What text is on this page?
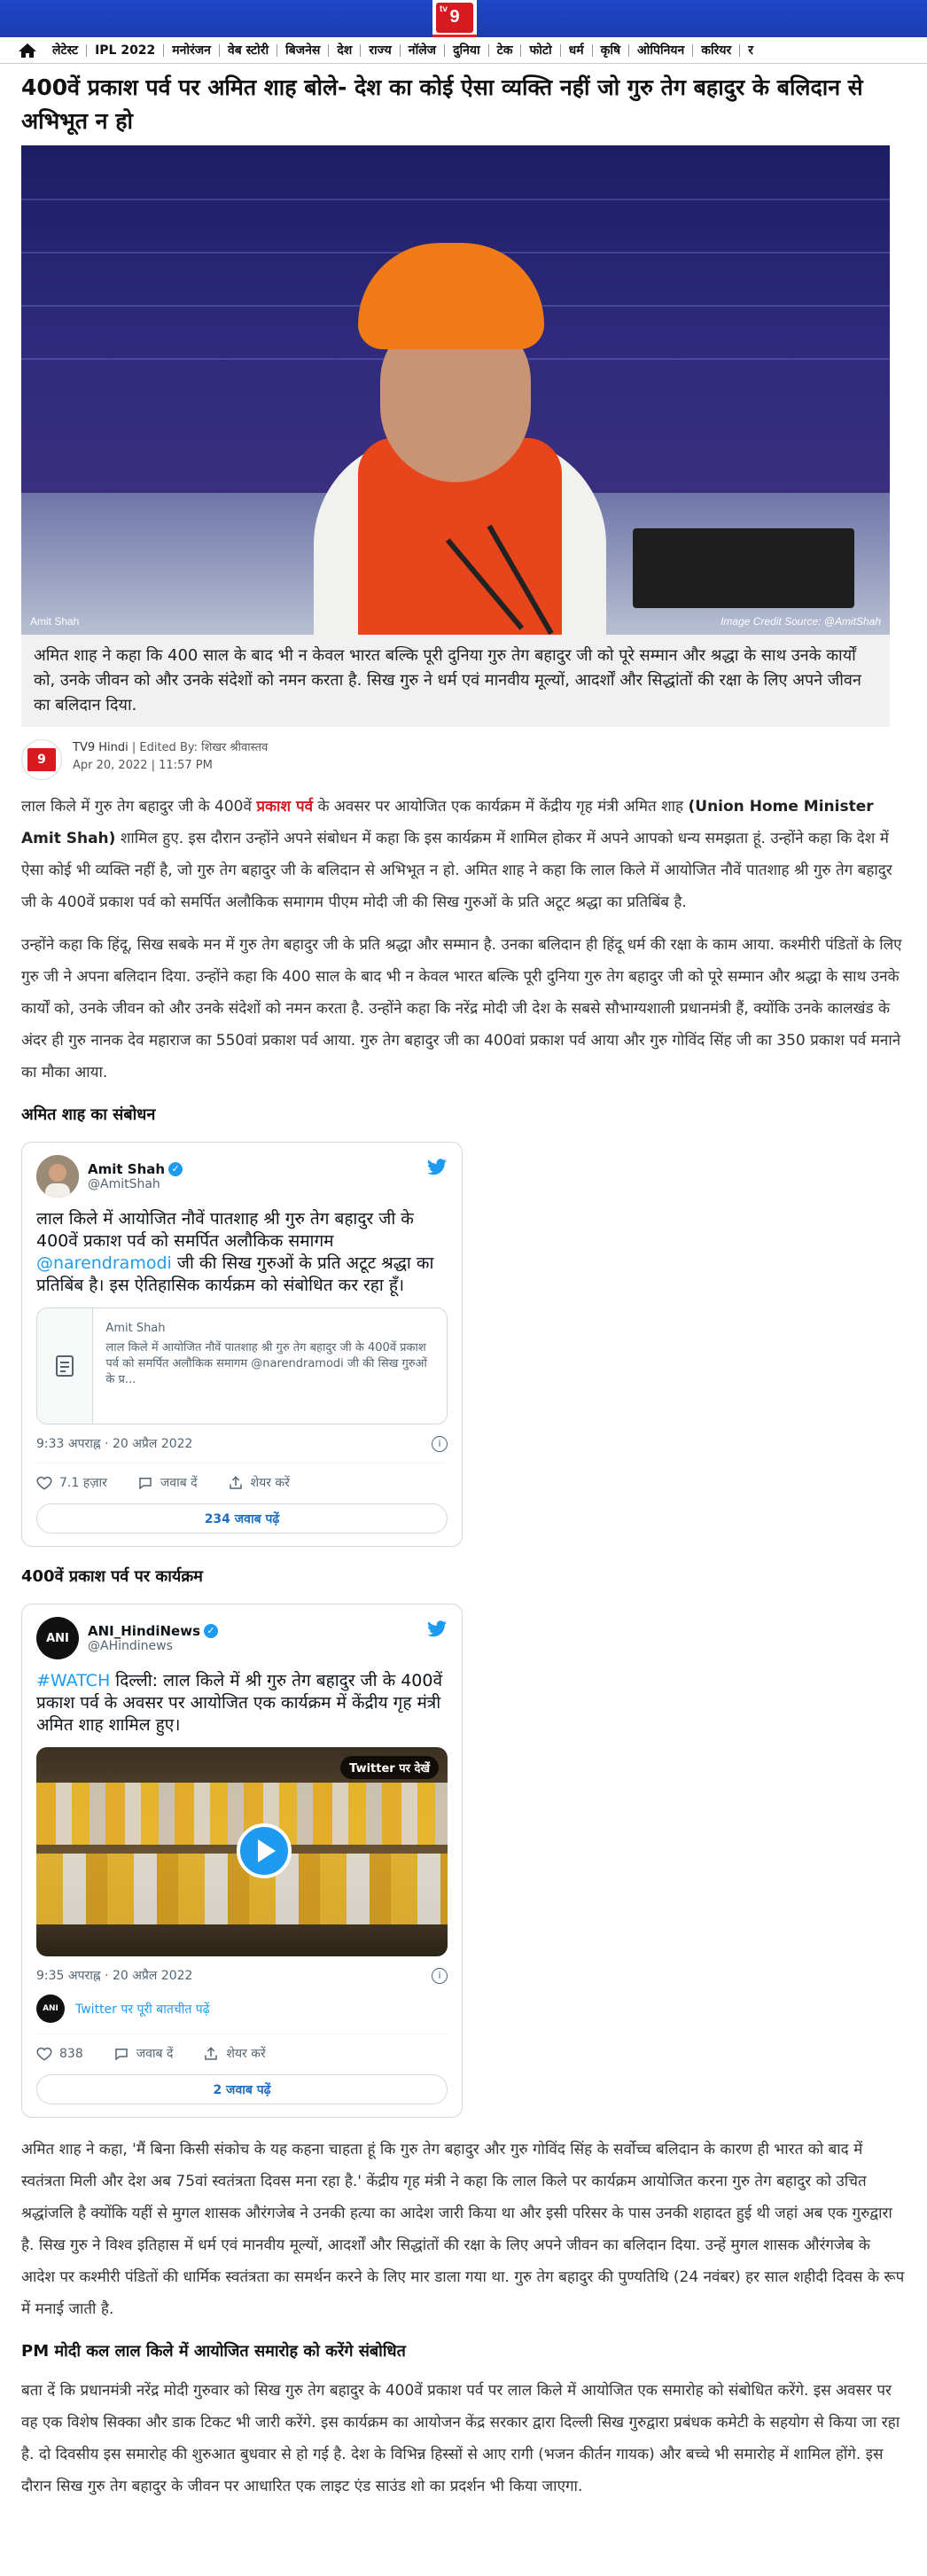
tv 9
लेटेस्ट	IPL 2022	मनोरंजन	वेब स्टोरी	बिजनेस	देश	राज्य	नॉलेज	दुनिया	टेक	फोटो	धर्म	कृषि	ओपिनियन	करियर	र
400वें प्रकाश पर्व पर अमित शाह बोले- देश का कोई ऐसा व्यक्ति नहीं जो गुरु तेग बहादुर के बलिदान से अभिभूत न हो
Amit Shah	Image Credit Source: @AmitShah
अमित शाह ने कहा कि 400 साल के बाद भी न केवल भारत बल्कि पूरी दुनिया गुरु तेग बहादुर जी को पूरे सम्मान और श्रद्धा के साथ उनके कार्यों को, उनके जीवन को और उनके संदेशों को नमन करता है. सिख गुरु ने धर्म एवं मानवीय मूल्यों, आदर्शों और सिद्धांतों की रक्षा के लिए अपने जीवन का बलिदान दिया.
9
TV9 Hindi | Edited By: शिखर श्रीवास्तव
Apr 20, 2022 | 11:57 PM

लाल किले में गुरु तेग बहादुर जी के 400वें प्रकाश पर्व के अवसर पर आयोजित एक कार्यक्रम में केंद्रीय गृह मंत्री अमित शाह (Union Home Minister Amit Shah) शामिल हुए. इस दौरान उन्होंने अपने संबोधन में कहा कि इस कार्यक्रम में शामिल होकर में अपने आपको धन्य समझता हूं. उन्होंने कहा कि देश में ऐसा कोई भी व्यक्ति नहीं है, जो गुरु तेग बहादुर जी के बलिदान से अभिभूत न हो. अमित शाह ने कहा कि लाल किले में आयोजित नौवें पातशाह श्री गुरु तेग बहादुर जी के 400वें प्रकाश पर्व को समर्पित अलौकिक समागम पीएम मोदी जी की सिख गुरुओं के प्रति अटूट श्रद्धा का प्रतिबिंब है.

उन्होंने कहा कि हिंदू, सिख सबके मन में गुरु तेग बहादुर जी के प्रति श्रद्धा और सम्मान है. उनका बलिदान ही हिंदू धर्म की रक्षा के काम आया. कश्मीरी पंडितों के लिए गुरु जी ने अपना बलिदान दिया. उन्होंने कहा कि 400 साल के बाद भी न केवल भारत बल्कि पूरी दुनिया गुरु तेग बहादुर जी को पूरे सम्मान और श्रद्धा के साथ उनके कार्यों को, उनके जीवन को और उनके संदेशों को नमन करता है. उन्होंने कहा कि नरेंद्र मोदी जी देश के सबसे सौभाग्यशाली प्रधानमंत्री हैं, क्योंकि उनके कालखंड के अंदर ही गुरु नानक देव महाराज का 550वां प्रकाश पर्व आया. गुरु तेग बहादुर जी का 400वां प्रकाश पर्व आया और गुरु गोविंद सिंह जी का 350 प्रकाश पर्व मनाने का मौका आया.

अमित शाह का संबोधन
Amit Shah ✓
@AmitShah
लाल किले में आयोजित नौवें पातशाह श्री गुरु तेग बहादुर जी के 400वें प्रकाश पर्व को समर्पित अलौकिक समागम @narendramodi जी की सिख गुरुओं के प्रति अटूट श्रद्धा का प्रतिबिंब है। इस ऐतिहासिक कार्यक्रम को संबोधित कर रहा हूँ।
Amit Shah
लाल किले में आयोजित नौवें पातशाह श्री गुरु तेग बहादुर जी के 400वें प्रकाश पर्व को समर्पित अलौकिक समागम @narendramodi जी की सिख गुरुओं के प्र...
9:33 अपराह्न · 20 अप्रैल 2022	i
7.1 हज़ार	जवाब दें	शेयर करें
234 जवाब पढ़ें
400वें प्रकाश पर्व पर कार्यक्रम
ANI	ANI_HindiNews ✓
@AHindinews
#WATCH दिल्ली: लाल किले में श्री गुरु तेग बहादुर जी के 400वें प्रकाश पर्व के अवसर पर आयोजित एक कार्यक्रम में केंद्रीय गृह मंत्री अमित शाह शामिल हुए।
Twitter पर देखें
9:35 अपराह्न · 20 अप्रैल 2022	i
ANI	Twitter पर पूरी बातचीत पढ़ें
838	जवाब दें	शेयर करें
2 जवाब पढ़ें

अमित शाह ने कहा, 'मैं बिना किसी संकोच के यह कहना चाहता हूं कि गुरु तेग बहादुर और गुरु गोविंद सिंह के सर्वोच्च बलिदान के कारण ही भारत को बाद में स्वतंत्रता मिली और देश अब 75वां स्वतंत्रता दिवस मना रहा है.' केंद्रीय गृह मंत्री ने कहा कि लाल किले पर कार्यक्रम आयोजित करना गुरु तेग बहादुर को उच‍ित श्रद्धांजलि है क्योंकि यहीं से मुगल शासक औरंगजेब ने उनकी हत्या का आदेश जारी किया था और इसी परिसर के पास उनकी शहादत हुई थी जहां अब एक गुरुद्वारा है. सिख गुरु ने विश्व इतिहास में धर्म एवं मानवीय मूल्यों, आदर्शों और सिद्धांतों की रक्षा के लिए अपने जीवन का बलिदान दिया. उन्हें मुगल शासक औरंगजेब के आदेश पर कश्मीरी पंडितों की धार्मिक स्वतंत्रता का समर्थन करने के लिए मार डाला गया था. गुरु तेग बहादुर की पुण्यतिथि (24 नवंबर) हर साल शहीदी दिवस के रूप में मनाई जाती है.

PM मोदी कल लाल किले में आयोजित समारोह को करेंगे संबोधित

बता दें कि प्रधानमंत्री नरेंद्र मोदी गुरुवार को सिख गुरु तेग बहादुर के 400वें प्रकाश पर्व पर लाल किले में आयोजित एक समारोह को संबोधित करेंगे. इस अवसर पर वह एक विशेष सिक्का और डाक टिकट भी जारी करेंगे. इस कार्यक्रम का आयोजन केंद्र सरकार द्वारा दिल्ली सिख गुरुद्वारा प्रबंधक कमेटी के सहयोग से किया जा रहा है. दो दिवसीय इस समारोह की शुरुआत बुधवार से हो गई है. देश के विभिन्न हिस्सों से आए रागी (भजन कीर्तन गायक) और बच्चे भी समारोह में शामिल होंगे. इस दौरान सिख गुरु तेग बहादुर के जीवन पर आधारित एक लाइट एंड साउंड शो का प्रदर्शन भी किया जाएगा.
